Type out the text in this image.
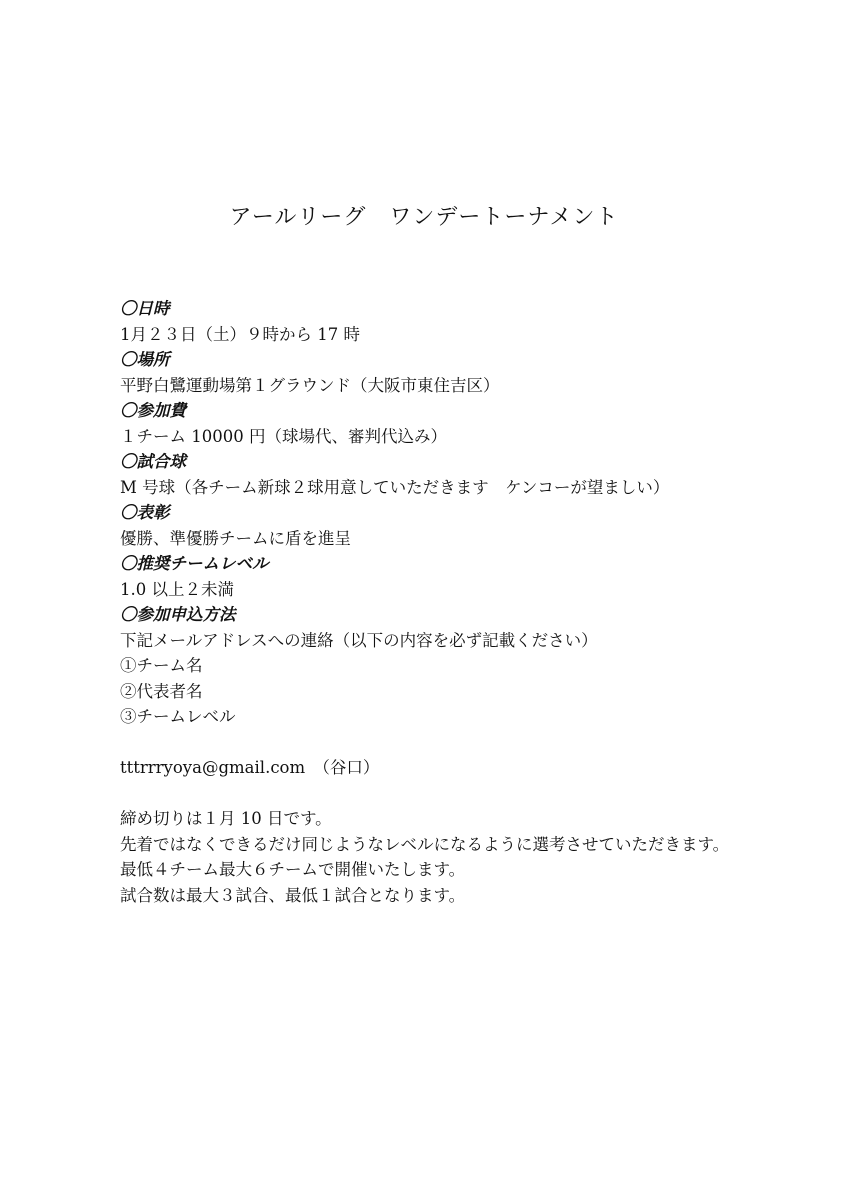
アールリーグ　ワンデートーナメント
〇日時
1月２３日（土）９時から 17 時
〇場所
平野白鷺運動場第１グラウンド（大阪市東住吉区）
〇参加費
１チーム 10000 円（球場代、審判代込み）
〇試合球
M 号球（各チーム新球２球用意していただきます　ケンコーが望ましい）
〇表彰
優勝、準優勝チームに盾を進呈
〇推奨チームレベル
1.0 以上２未満
〇参加申込方法
下記メールアドレスへの連絡（以下の内容を必ず記載ください）
①チーム名
②代表者名
③チームレベル
tttrrryoya@gmail.com　（谷口）
締め切りは１月 10 日です。
先着ではなくできるだけ同じようなレベルになるように選考させていただきます。
最低４チーム最大６チームで開催いたします。
試合数は最大３試合、最低１試合となります。
